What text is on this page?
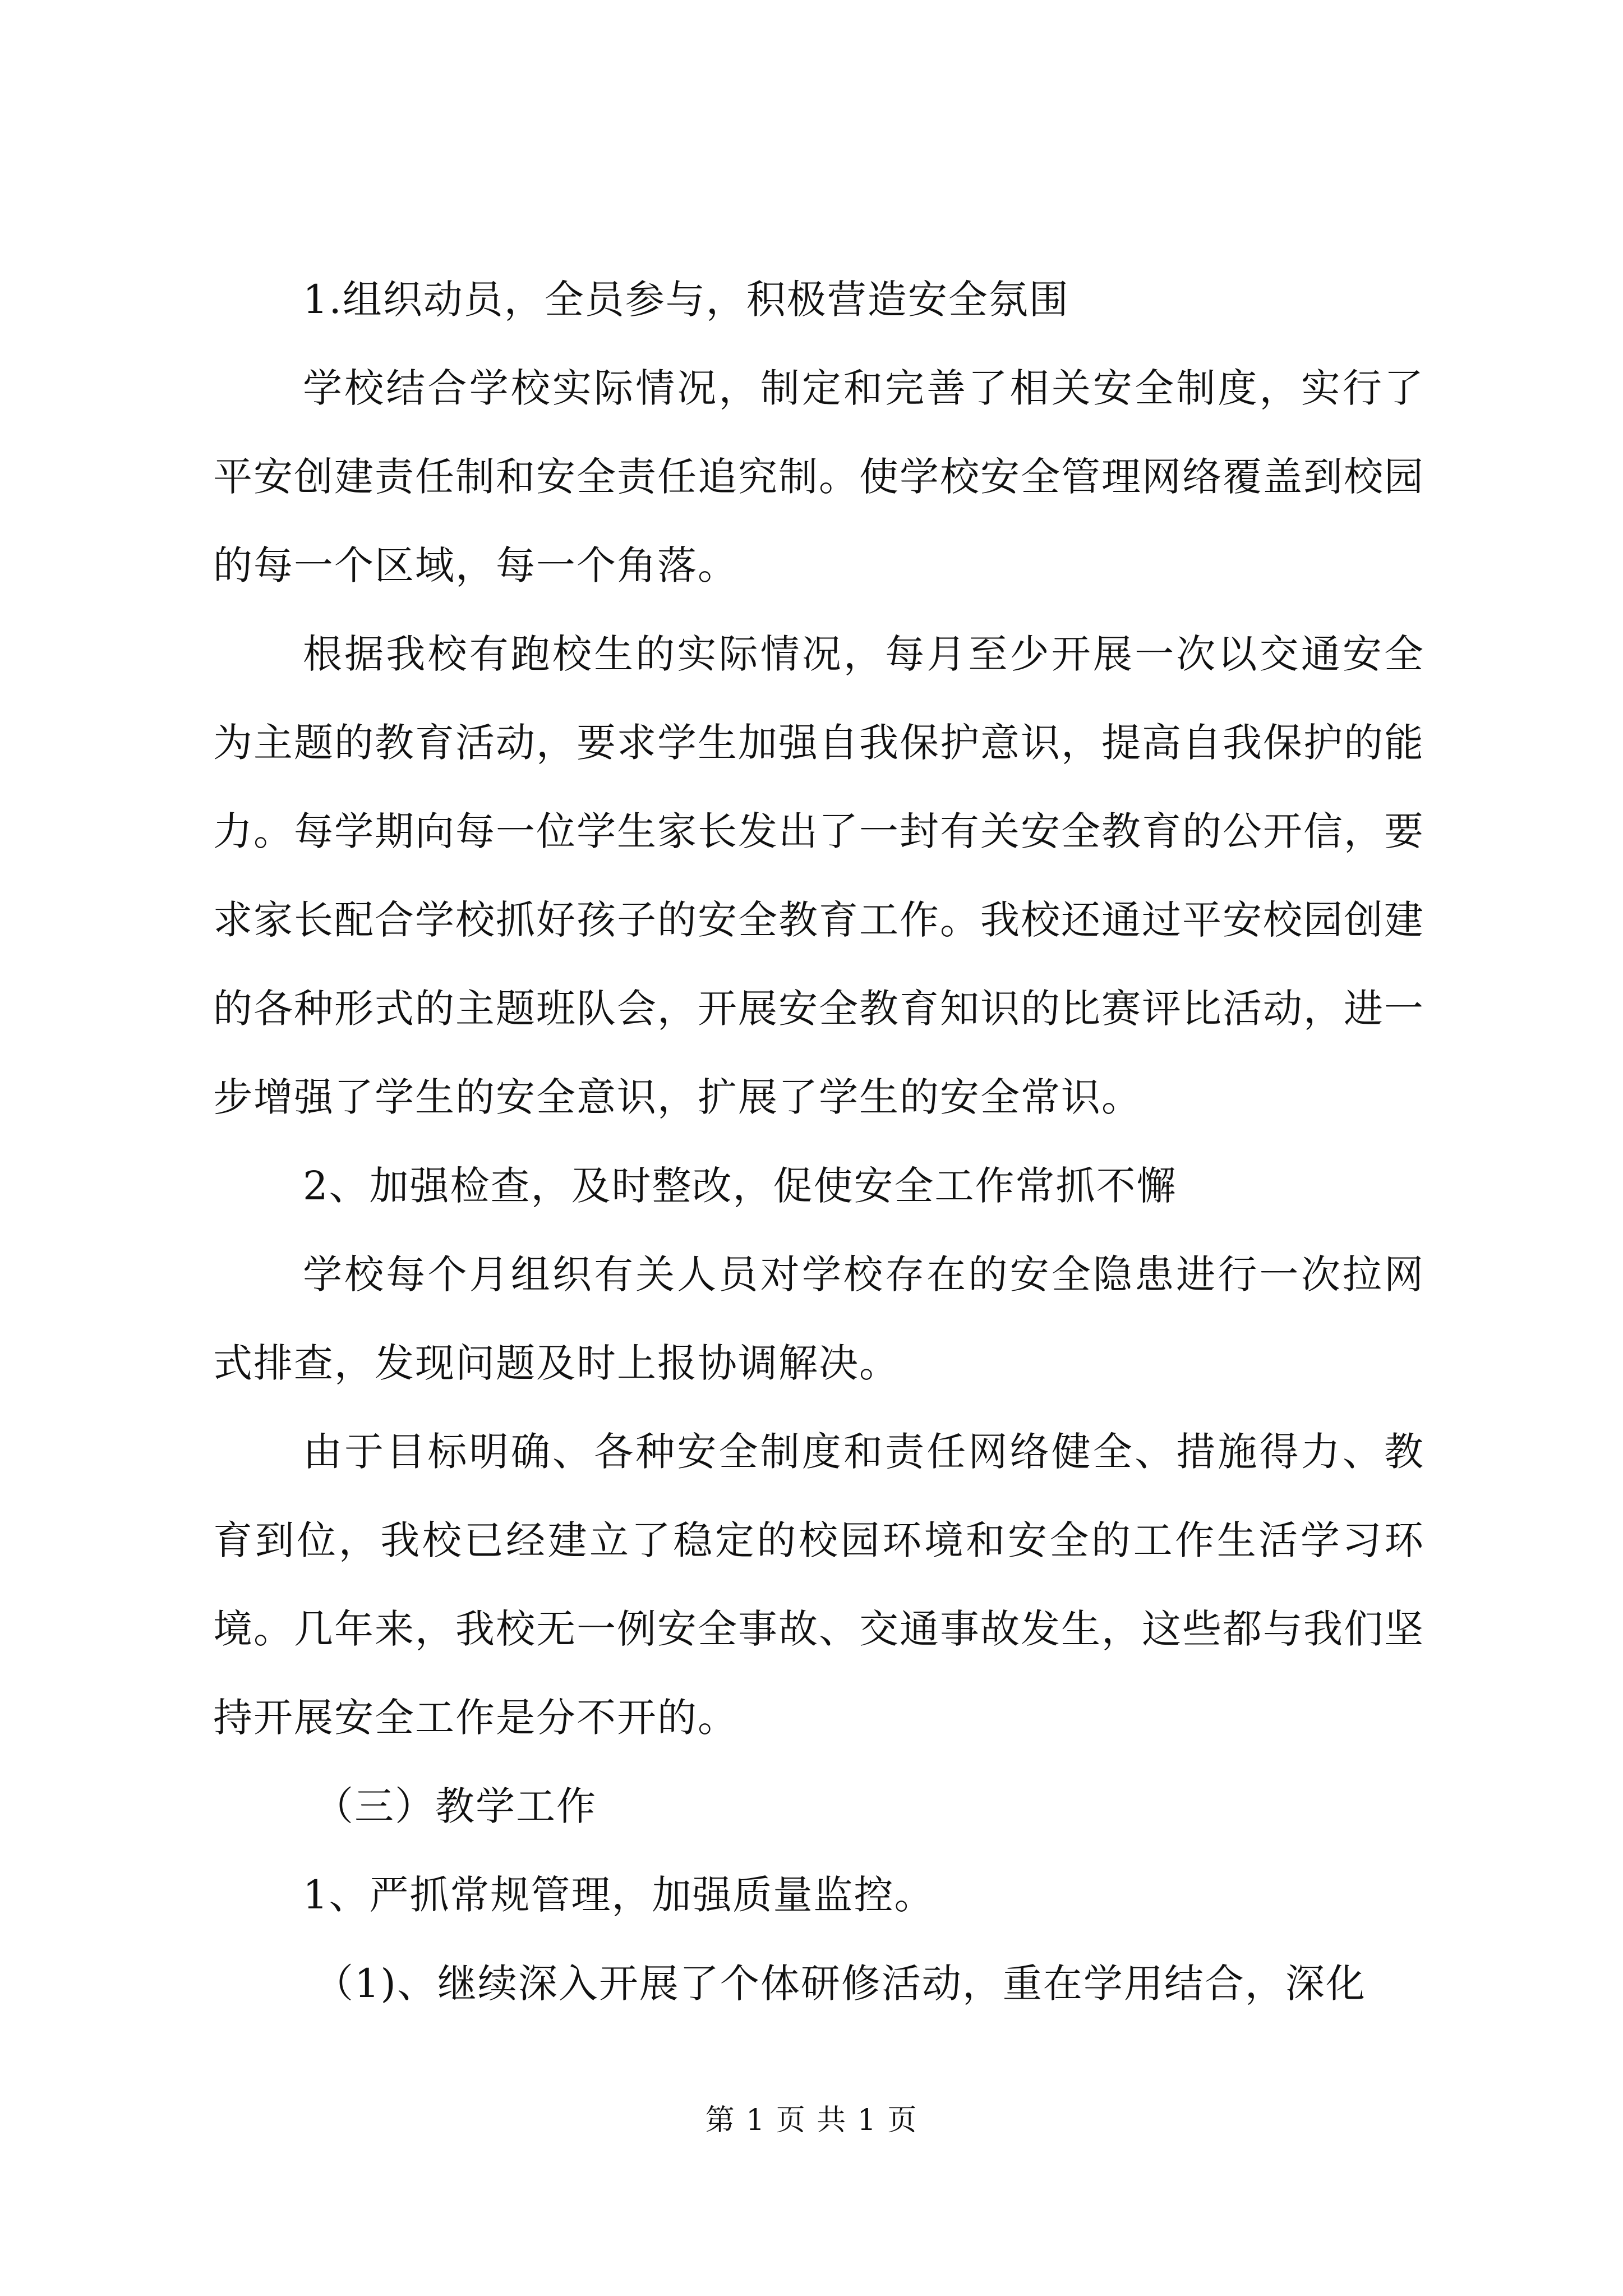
1.组织动员，全员参与，积极营造安全氛围

学校结合学校实际情况，制定和完善了相关安全制度，实行了平安创建责任制和安全责任追究制。使学校安全管理网络覆盖到校园的每一个区域，每一个角落。

根据我校有跑校生的实际情况，每月至少开展一次以交通安全为主题的教育活动，要求学生加强自我保护意识，提高自我保护的能力。每学期向每一位学生家长发出了一封有关安全教育的公开信，要求家长配合学校抓好孩子的安全教育工作。我校还通过平安校园创建的各种形式的主题班队会，开展安全教育知识的比赛评比活动，进一步增强了学生的安全意识，扩展了学生的安全常识。

2、加强检查，及时整改，促使安全工作常抓不懈

学校每个月组织有关人员对学校存在的安全隐患进行一次拉网式排查，发现问题及时上报协调解决。

由于目标明确、各种安全制度和责任网络健全、措施得力、教育到位，我校已经建立了稳定的校园环境和安全的工作生活学习环境。几年来，我校无一例安全事故、交通事故发生，这些都与我们坚持开展安全工作是分不开的。

（三）教学工作

1、严抓常规管理，加强质量监控。

（1)、继续深入开展了个体研修活动，重在学用结合，深化

第 1 页 共 1 页
